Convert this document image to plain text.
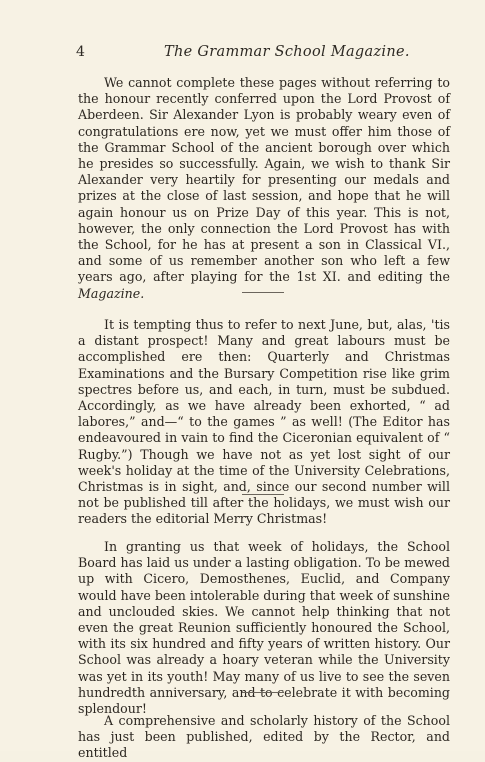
4	The Grammar School Magazine.

We cannot complete these pages without referring to the honour recently conferred upon the Lord Provost of Aberdeen. Sir Alexander Lyon is probably weary even of congratulations ere now, yet we must offer him those of the Grammar School of the ancient borough over which he presides so successfully. Again, we wish to thank Sir Alexander very heartily for presenting our medals and prizes at the close of last session, and hope that he will again honour us on Prize Day of this year. This is not, however, the only connection the Lord Provost has with the School, for he has at present a son in Classical VI., and some of us remember another son who left a few years ago, after playing for the 1st XI. and editing the Magazine.

It is tempting thus to refer to next June, but, alas, 'tis a distant prospect! Many and great labours must be accomplished ere then: Quarterly and Christmas Examinations and the Bursary Competition rise like grim spectres before us, and each, in turn, must be subdued. Accordingly, as we have already been exhorted, “ ad labores,” and—“ to the games ” as well! (The Editor has endeavoured in vain to find the Ciceronian equivalent of “ Rugby.”) Though we have not as yet lost sight of our week's holiday at the time of the University Celebrations, Christmas is in sight, and, since our second number will not be published till after the holidays, we must wish our readers the editorial Merry Christmas!

In granting us that week of holidays, the School Board has laid us under a lasting obligation. To be mewed up with Cicero, Demosthenes, Euclid, and Company would have been intolerable during that week of sunshine and unclouded skies. We cannot help thinking that not even the great Reunion sufficiently honoured the School, with its six hundred and fifty years of written history. Our School was already a hoary veteran while the University was yet in its youth! May many of us live to see the seven hundredth anniversary, and to celebrate it with becoming splendour!

A comprehensive and scholarly history of the School has just been published, edited by the Rector, and entitled
